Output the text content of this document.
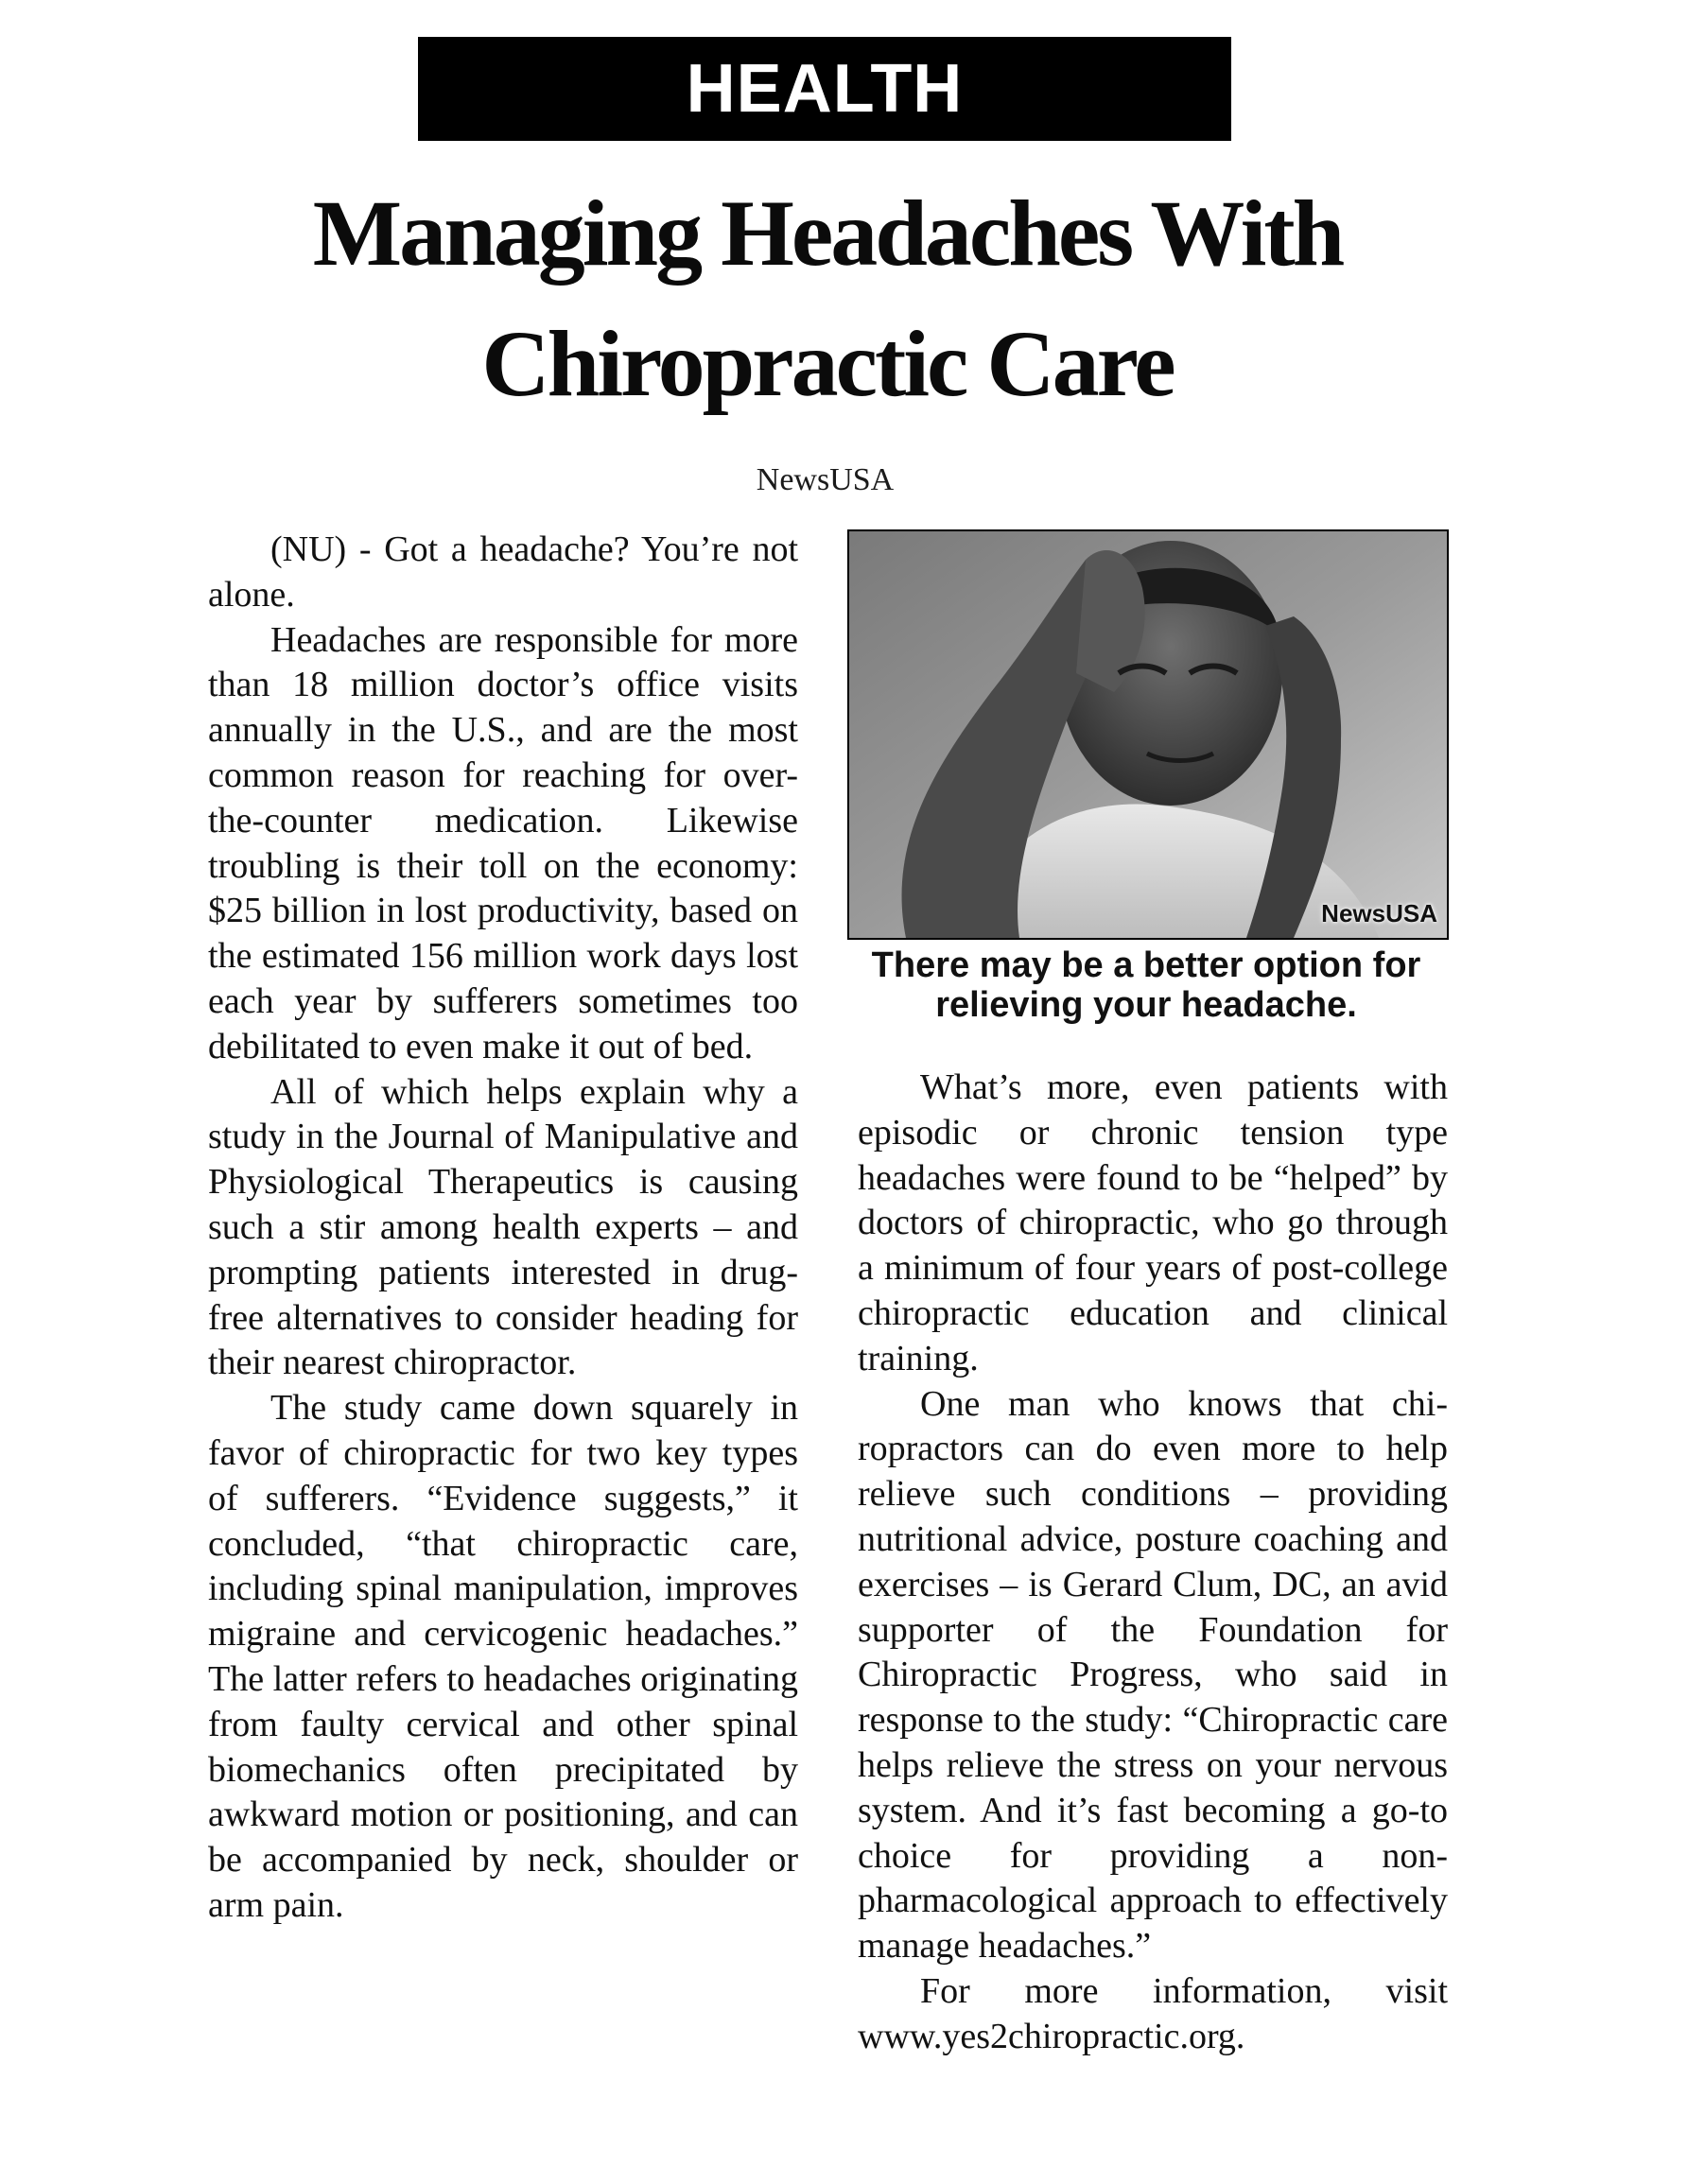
HEALTH
Managing Headaches With
Chiropractic Care
NewsUSA

(NU) - Got a headache? You’re not alone.

Headaches are responsible for more than 18 million doctor’s office visits annually in the U.S., and are the most common reason for reaching for over-the-counter medication. Likewise troubling is their toll on the economy: $25 billion in lost productivity, based on the estimated 156 million work days lost each year by sufferers sometimes too debilitated to even make it out of bed.

All of which helps explain why a study in the Journal of Manipulative and Physiological Therapeutics is causing such a stir among health experts – and prompting patients interested in drug-free alternatives to consider heading for their nearest chiropractor.

The study came down squarely in favor of chiropractic for two key types of sufferers. “Evidence suggests,” it concluded, “that chiropractic care, including spinal manipulation, improves migraine and cervicogenic headaches.” The latter refers to headaches originating from faulty cervical and other spinal biomechanics often precipitated by awkward motion or positioning, and can be accompanied by neck, shoulder or arm pain.

NewsUSA
There may be a better option for relieving your headache.

What’s more, even patients with episodic or chronic tension type headaches were found to be “helped” by doctors of chiropractic, who go through a minimum of four years of post-college chiropractic education and clinical training.

One man who knows that chiropractors can do even more to help relieve such conditions – providing nutritional advice, posture coaching and exercises – is Gerard Clum, DC, an avid supporter of the Foundation for Chiropractic Progress, who said in response to the study: “Chiropractic care helps relieve the stress on your nervous system. And it’s fast becoming a go-to choice for providing a non-pharmacological approach to effectively manage headaches.”

For more information, visit www.yes2chiropractic.org.
